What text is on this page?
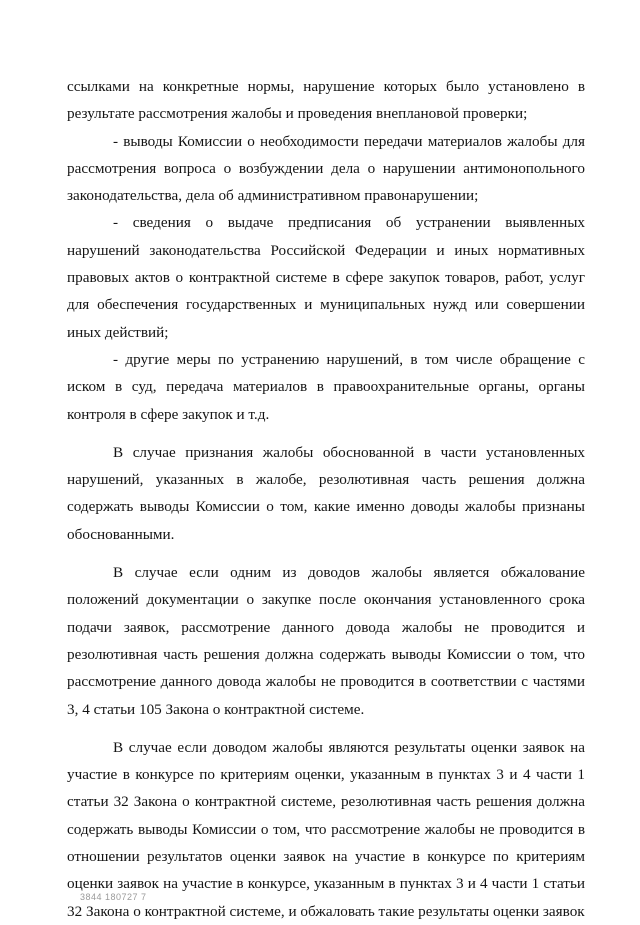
ссылками на конкретные нормы, нарушение которых было установлено в результате рассмотрения жалобы и проведения внеплановой проверки;

- выводы Комиссии о необходимости передачи материалов жалобы для рассмотрения вопроса о возбуждении дела о нарушении антимонопольного законодательства, дела об административном правонарушении;

- сведения о выдаче предписания об устранении выявленных нарушений законодательства Российской Федерации и иных нормативных правовых актов о контрактной системе в сфере закупок товаров, работ, услуг для обеспечения государственных и муниципальных нужд или совершении иных действий;

- другие меры по устранению нарушений, в том числе обращение с иском в суд, передача материалов в правоохранительные органы, органы контроля в сфере закупок и т.д.

В случае признания жалобы обоснованной в части установленных нарушений, указанных в жалобе, резолютивная часть решения должна содержать выводы Комиссии о том, какие именно доводы жалобы признаны обоснованными.

В случае если одним из доводов жалобы является обжалование положений документации о закупке после окончания установленного срока подачи заявок, рассмотрение данного довода жалобы не проводится и резолютивная часть решения должна содержать выводы Комиссии о том, что рассмотрение данного довода жалобы не проводится в соответствии с частями 3, 4 статьи 105 Закона о контрактной системе.

В случае если доводом жалобы являются результаты оценки заявок на участие в конкурсе по критериям оценки, указанным в пунктах 3 и 4 части 1 статьи 32 Закона о контрактной системе, резолютивная часть решения должна содержать выводы Комиссии о том, что рассмотрение жалобы не проводится в отношении результатов оценки заявок на участие в конкурсе по критериям оценки заявок на участие в конкурсе, указанным в пунктах 3 и 4 части 1 статьи 32 Закона о контрактной системе, и обжаловать такие результаты оценки заявок

3844 180727 7
